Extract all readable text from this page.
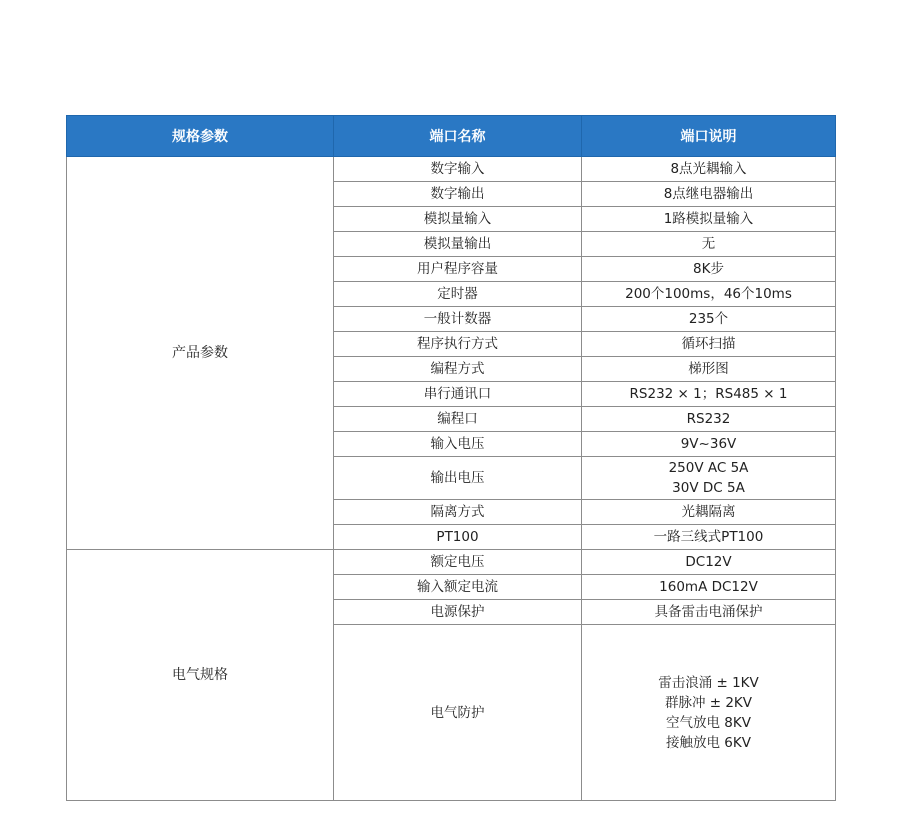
规格参数	端口名称	端口说明
产品参数	数字输入	8点光耦输入
	数字输出	8点继电器输出
	模拟量输入	1路模拟量输入
	模拟量输出	无
	用户程序容量	8K步
	定时器	200个100ms，46个10ms
	一般计数器	235个
	程序执行方式	循环扫描
	编程方式	梯形图
	串行通讯口	RS232 × 1；RS485 × 1
	编程口	RS232
	输入电压	9V~36V
	输出电压	250V AC 5A
30V DC 5A

	隔离方式	光耦隔离
	PT100	一路三线式PT100
电气规格	额定电压	DC12V
	输入额定电流	160mA DC12V
	电源保护	具备雷击电涌保护
	电气防护	雷击浪涌 ± 1KV
群脉冲 ± 2KV
空气放电 8KV
接触放电 6KV
